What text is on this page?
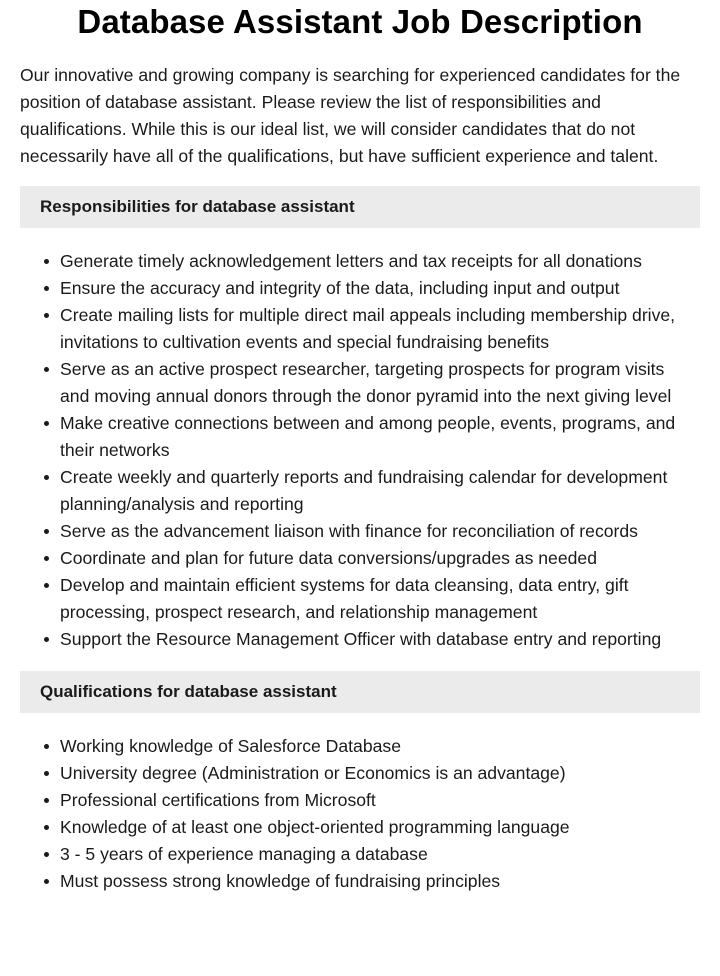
Database Assistant Job Description

Our innovative and growing company is searching for experienced candidates for the position of database assistant. Please review the list of responsibilities and qualifications. While this is our ideal list, we will consider candidates that do not necessarily have all of the qualifications, but have sufficient experience and talent.

Responsibilities for database assistant
Generate timely acknowledgement letters and tax receipts for all donations
Ensure the accuracy and integrity of the data, including input and output
Create mailing lists for multiple direct mail appeals including membership drive, invitations to cultivation events and special fundraising benefits
Serve as an active prospect researcher, targeting prospects for program visits and moving annual donors through the donor pyramid into the next giving level
Make creative connections between and among people, events, programs, and their networks
Create weekly and quarterly reports and fundraising calendar for development planning/analysis and reporting
Serve as the advancement liaison with finance for reconciliation of records
Coordinate and plan for future data conversions/upgrades as needed
Develop and maintain efficient systems for data cleansing, data entry, gift processing, prospect research, and relationship management
Support the Resource Management Officer with database entry and reporting
Qualifications for database assistant
Working knowledge of Salesforce Database
University degree (Administration or Economics is an advantage)
Professional certifications from Microsoft
Knowledge of at least one object-oriented programming language
3 - 5 years of experience managing a database
Must possess strong knowledge of fundraising principles
